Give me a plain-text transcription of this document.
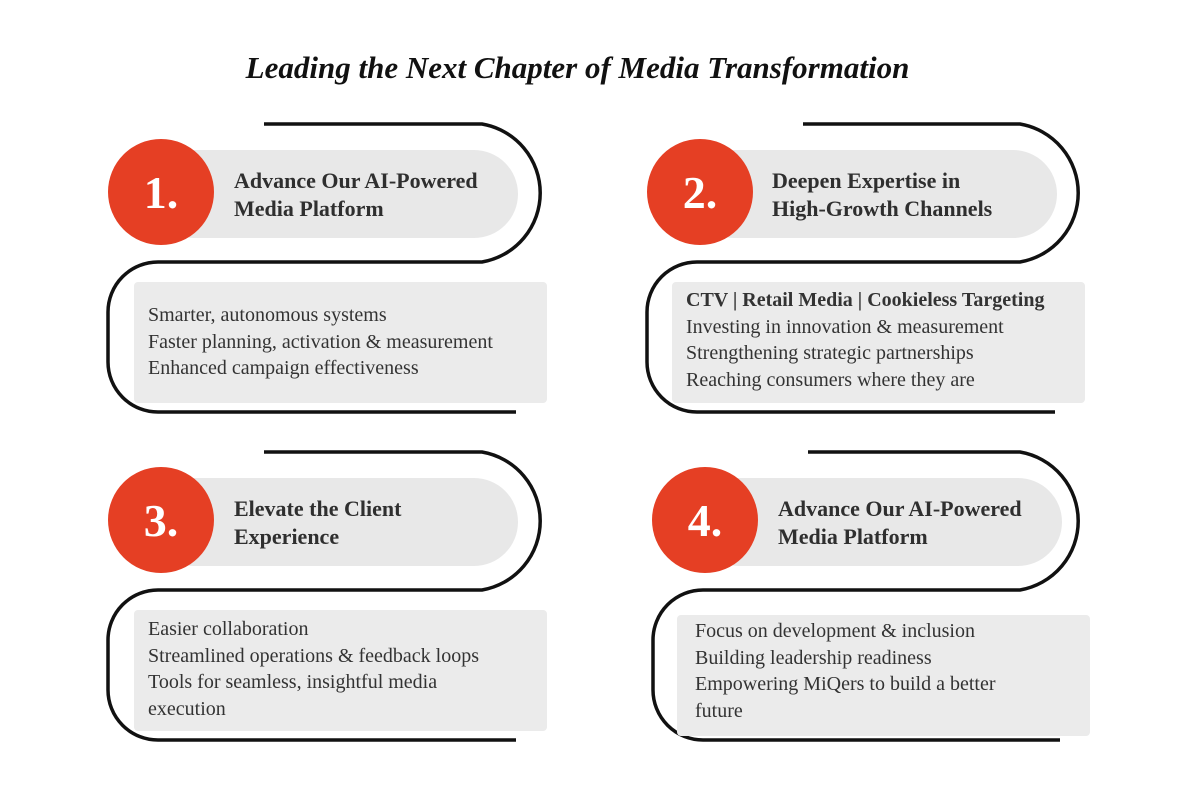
Leading the Next Chapter of Media Transformation
1.	Advance Our AI-Powered
Media Platform
Smarter, autonomous systems
Faster planning, activation & measurement
Enhanced campaign effectiveness
2. Deepen Expertise in
High-Growth Channels
CTV | Retail Media | Cookieless Targeting
Investing in innovation & measurement
Strengthening strategic partnerships
Reaching consumers where they are
3.	Elevate the Client
Experience
Easier collaboration
Streamlined operations & feedback loops
Tools for seamless, insightful media
execution
4.	Advance Our AI-Powered
Media Platform
Focus on development & inclusion
Building leadership readiness
Empowering MiQers to build a better
future
